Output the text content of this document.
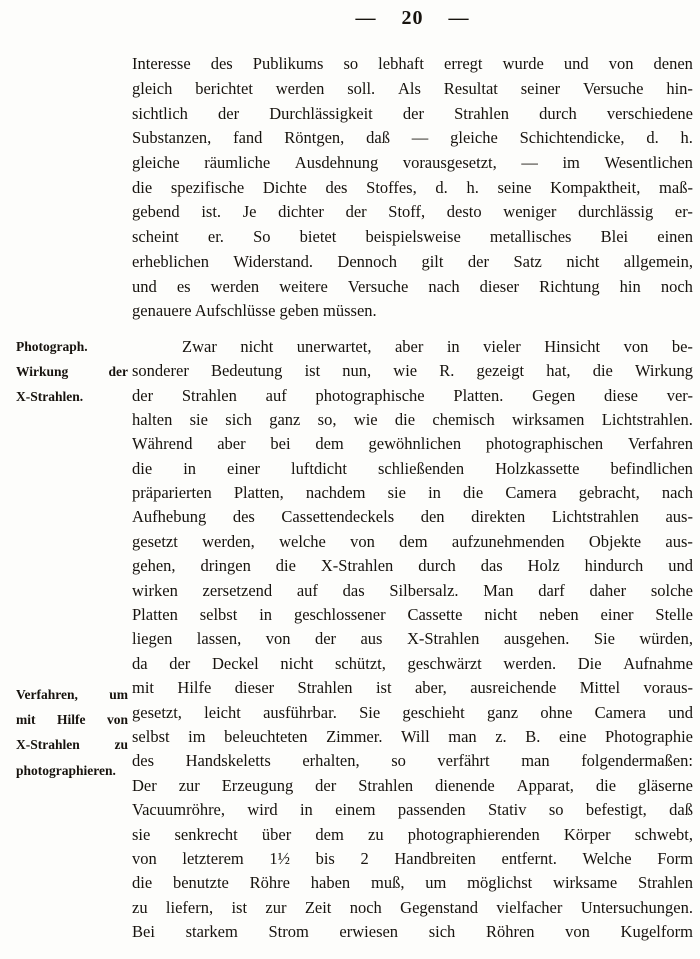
— 20 —
Photograph.
Wirkung	der
X-Strahlen.
Verfahren, um
mit Hilfe von
X-Strahlen	zu
photographieren.
Interesse des Publikums so lebhaft erregt wurde und von denen
gleich berichtet werden soll. Als Resultat seiner Versuche hin-
sichtlich der Durchlässigkeit der Strahlen durch verschiedene
Substanzen, fand Röntgen, daß — gleiche Schichtendicke, d. h.
gleiche räumliche Ausdehnung vorausgesetzt, — im Wesentlichen
die spezifische Dichte des Stoffes, d. h. seine Kompaktheit, maß-
gebend ist. Je dichter der Stoff, desto weniger durchlässig er-
scheint er. So bietet beispielsweise metallisches Blei einen
erheblichen Widerstand. Dennoch gilt der Satz nicht allgemein,
und es werden weitere Versuche nach dieser Richtung hin noch
genauere Aufschlüsse geben müssen.
Zwar nicht unerwartet, aber in vieler Hinsicht von be-
sonderer Bedeutung ist nun, wie R. gezeigt hat, die Wirkung
der Strahlen auf photographische Platten. Gegen diese ver-
halten sie sich ganz so, wie die chemisch wirksamen Lichtstrahlen.
Während aber bei dem gewöhnlichen photographischen Verfahren
die in einer luftdicht schließenden Holzkassette befindlichen
präparierten Platten, nachdem sie in die Camera gebracht, nach
Aufhebung des Cassettendeckels den direkten Lichtstrahlen aus-
gesetzt werden, welche von dem aufzunehmenden Objekte aus-
gehen, dringen die X-Strahlen durch das Holz hindurch und
wirken zersetzend auf das Silbersalz. Man darf daher solche
Platten selbst in geschlossener Cassette nicht neben einer Stelle
liegen lassen, von der aus X-Strahlen ausgehen. Sie würden,
da der Deckel nicht schützt, geschwärzt werden. Die Aufnahme
mit Hilfe dieser Strahlen ist aber, ausreichende Mittel voraus-
gesetzt, leicht ausführbar. Sie geschieht ganz ohne Camera und
selbst im beleuchteten Zimmer. Will man z. B. eine Photographie
des Handskeletts erhalten, so verfährt man folgendermaßen:
Der zur Erzeugung der Strahlen dienende Apparat, die gläserne
Vacuumröhre, wird in einem passenden Stativ so befestigt, daß
sie senkrecht über dem zu photographierenden Körper schwebt,
von letzterem 1½ bis 2 Handbreiten entfernt. Welche Form
die benutzte Röhre haben muß, um möglichst wirksame Strahlen
zu liefern, ist zur Zeit noch Gegenstand vielfacher Untersuchungen.
Bei starkem Strom erwiesen sich Röhren von Kugelform
